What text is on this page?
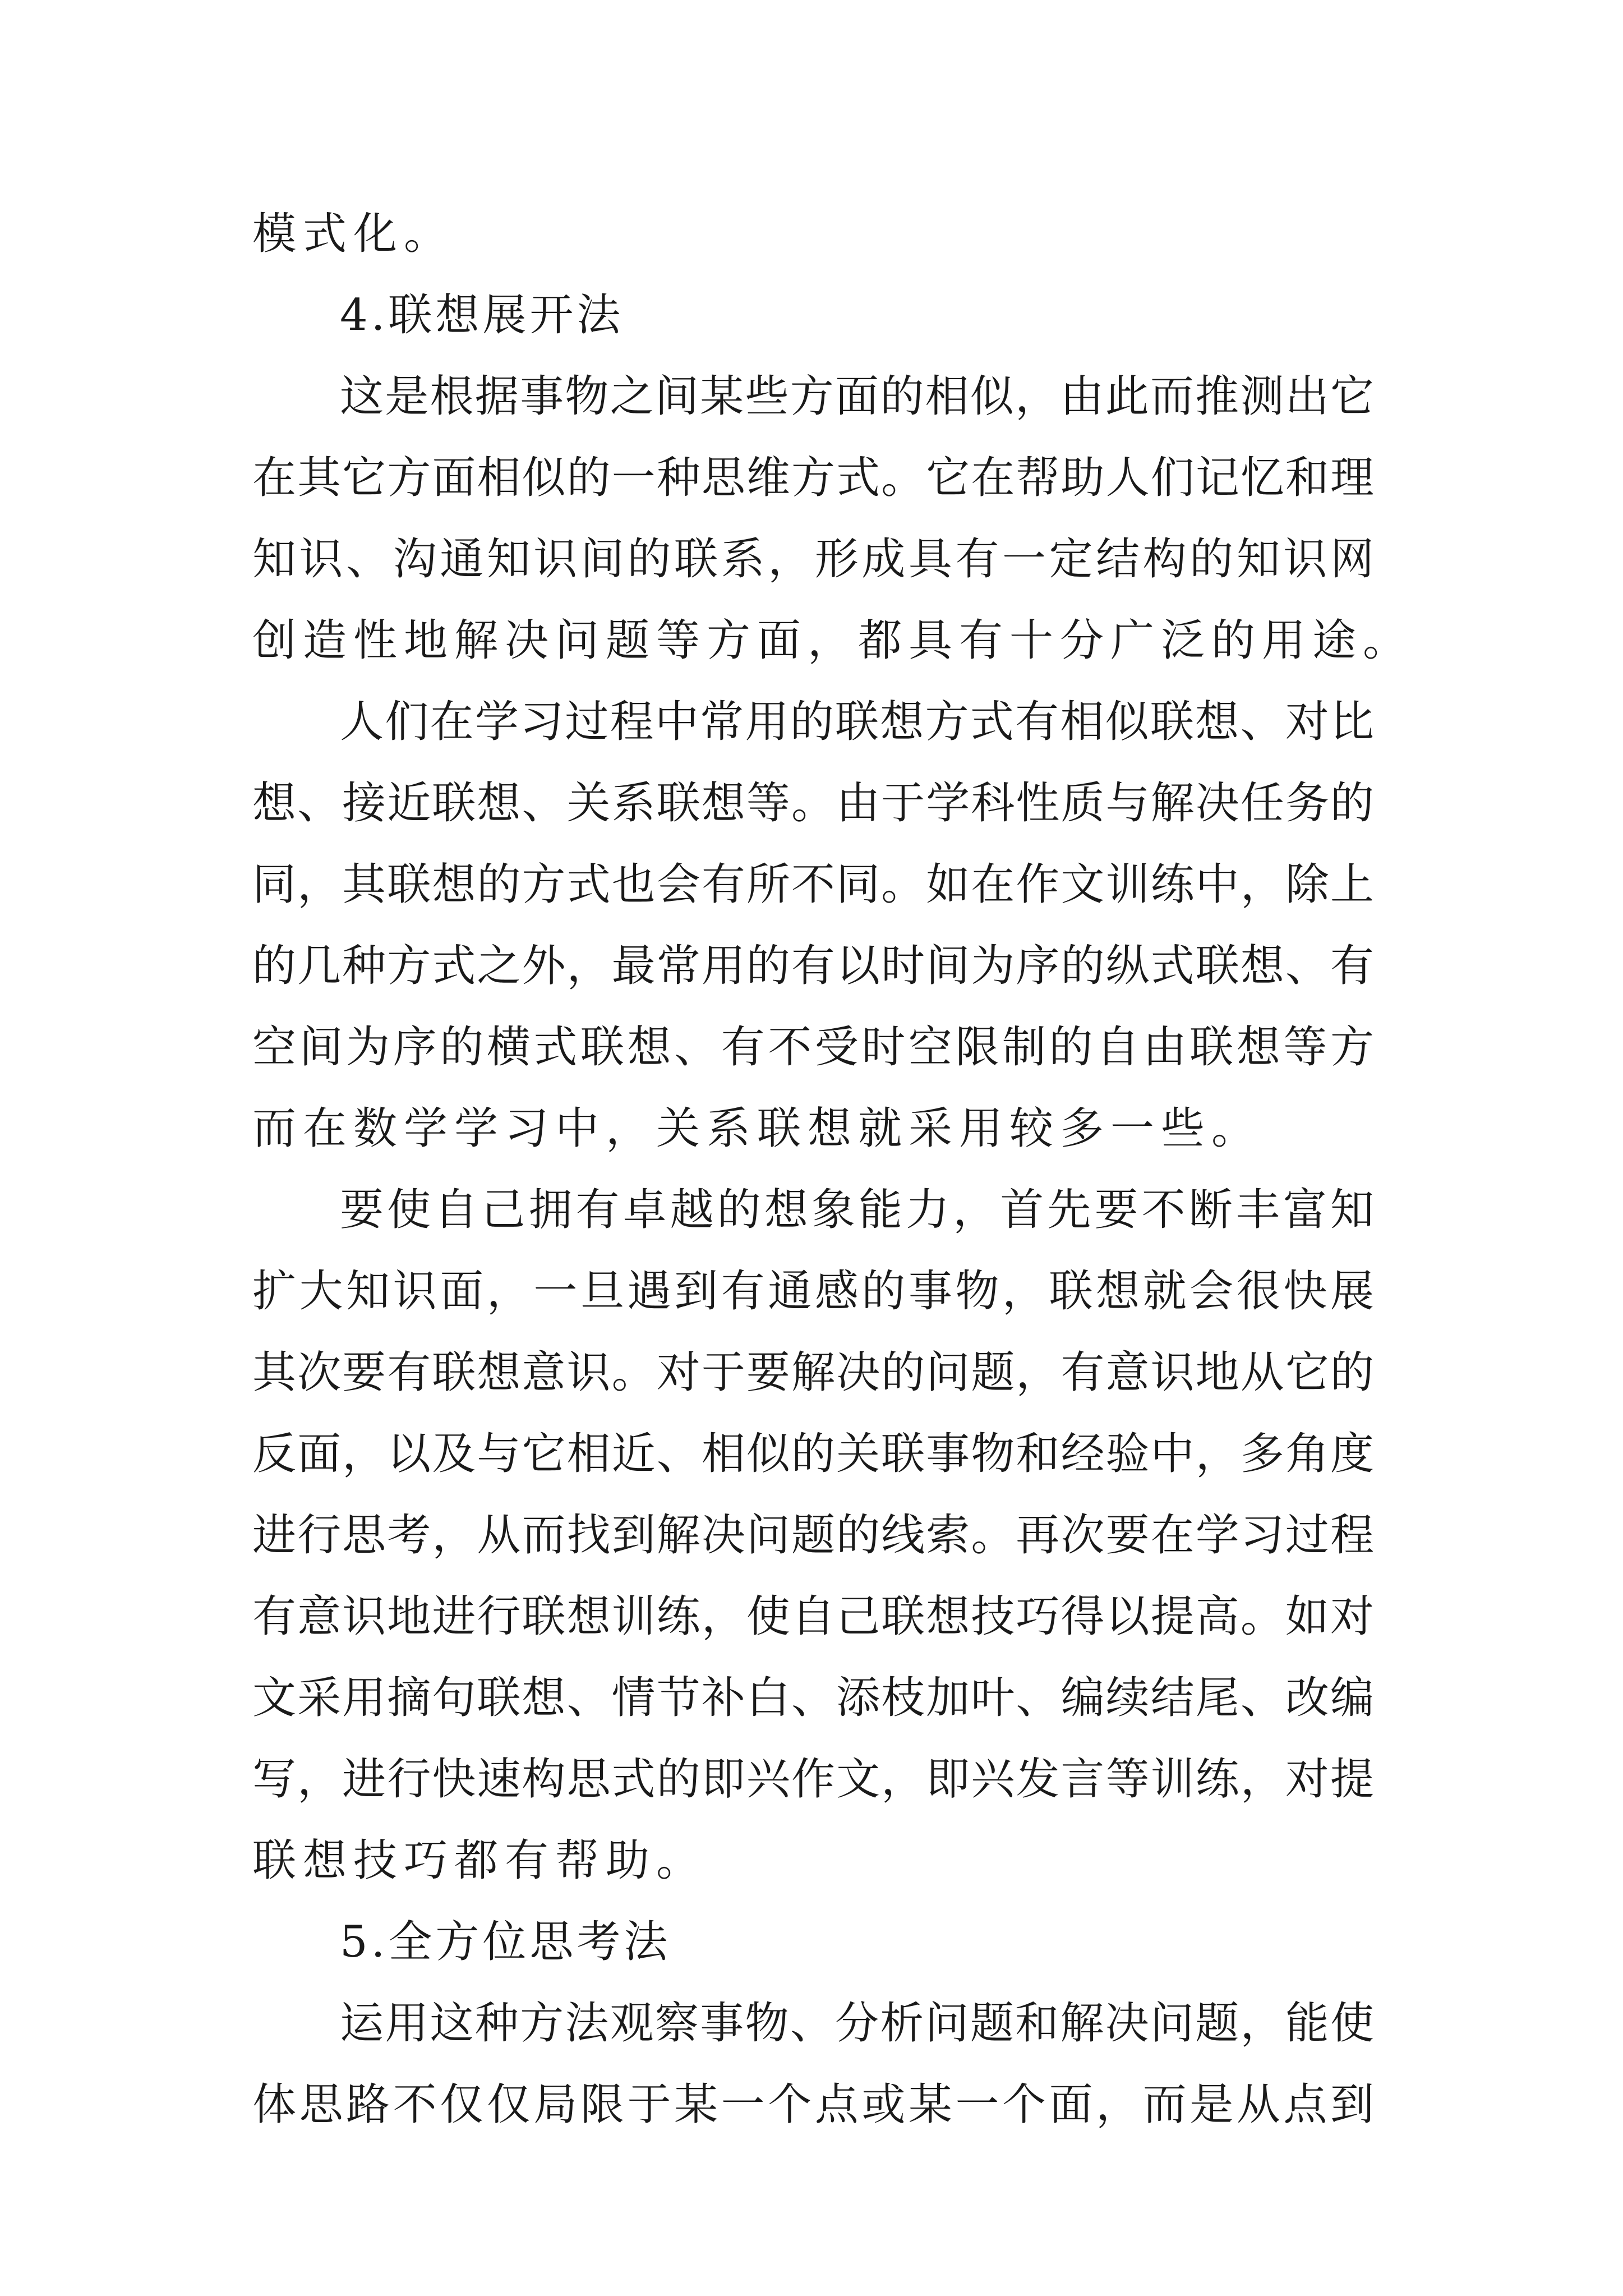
模式化。
4.联想展开法
这是根据事物之间某些方面的相似，由此而推测出它
在其它方面相似的一种思维方式。它在帮助人们记忆和理
知识、沟通知识间的联系，形成具有一定结构的知识网
创造性地解决问题等方面，都具有十分广泛的用途。
人们在学习过程中常用的联想方式有相似联想、对比
想、接近联想、关系联想等。由于学科性质与解决任务的
同，其联想的方式也会有所不同。如在作文训练中，除上
的几种方式之外，最常用的有以时间为序的纵式联想、有
空间为序的横式联想、有不受时空限制的自由联想等方
而在数学学习中，关系联想就采用较多一些。
要使自己拥有卓越的想象能力，首先要不断丰富知
扩大知识面，一旦遇到有通感的事物，联想就会很快展
其次要有联想意识。对于要解决的问题，有意识地从它的
反面，以及与它相近、相似的关联事物和经验中，多角度
进行思考，从而找到解决问题的线索。再次要在学习过程
有意识地进行联想训练，使自己联想技巧得以提高。如对
文采用摘句联想、情节补白、添枝加叶、编续结尾、改编
写，进行快速构思式的即兴作文，即兴发言等训练，对提
联想技巧都有帮助。
5.全方位思考法
运用这种方法观察事物、分析问题和解决问题，能使
体思路不仅仅局限于某一个点或某一个面，而是从点到
